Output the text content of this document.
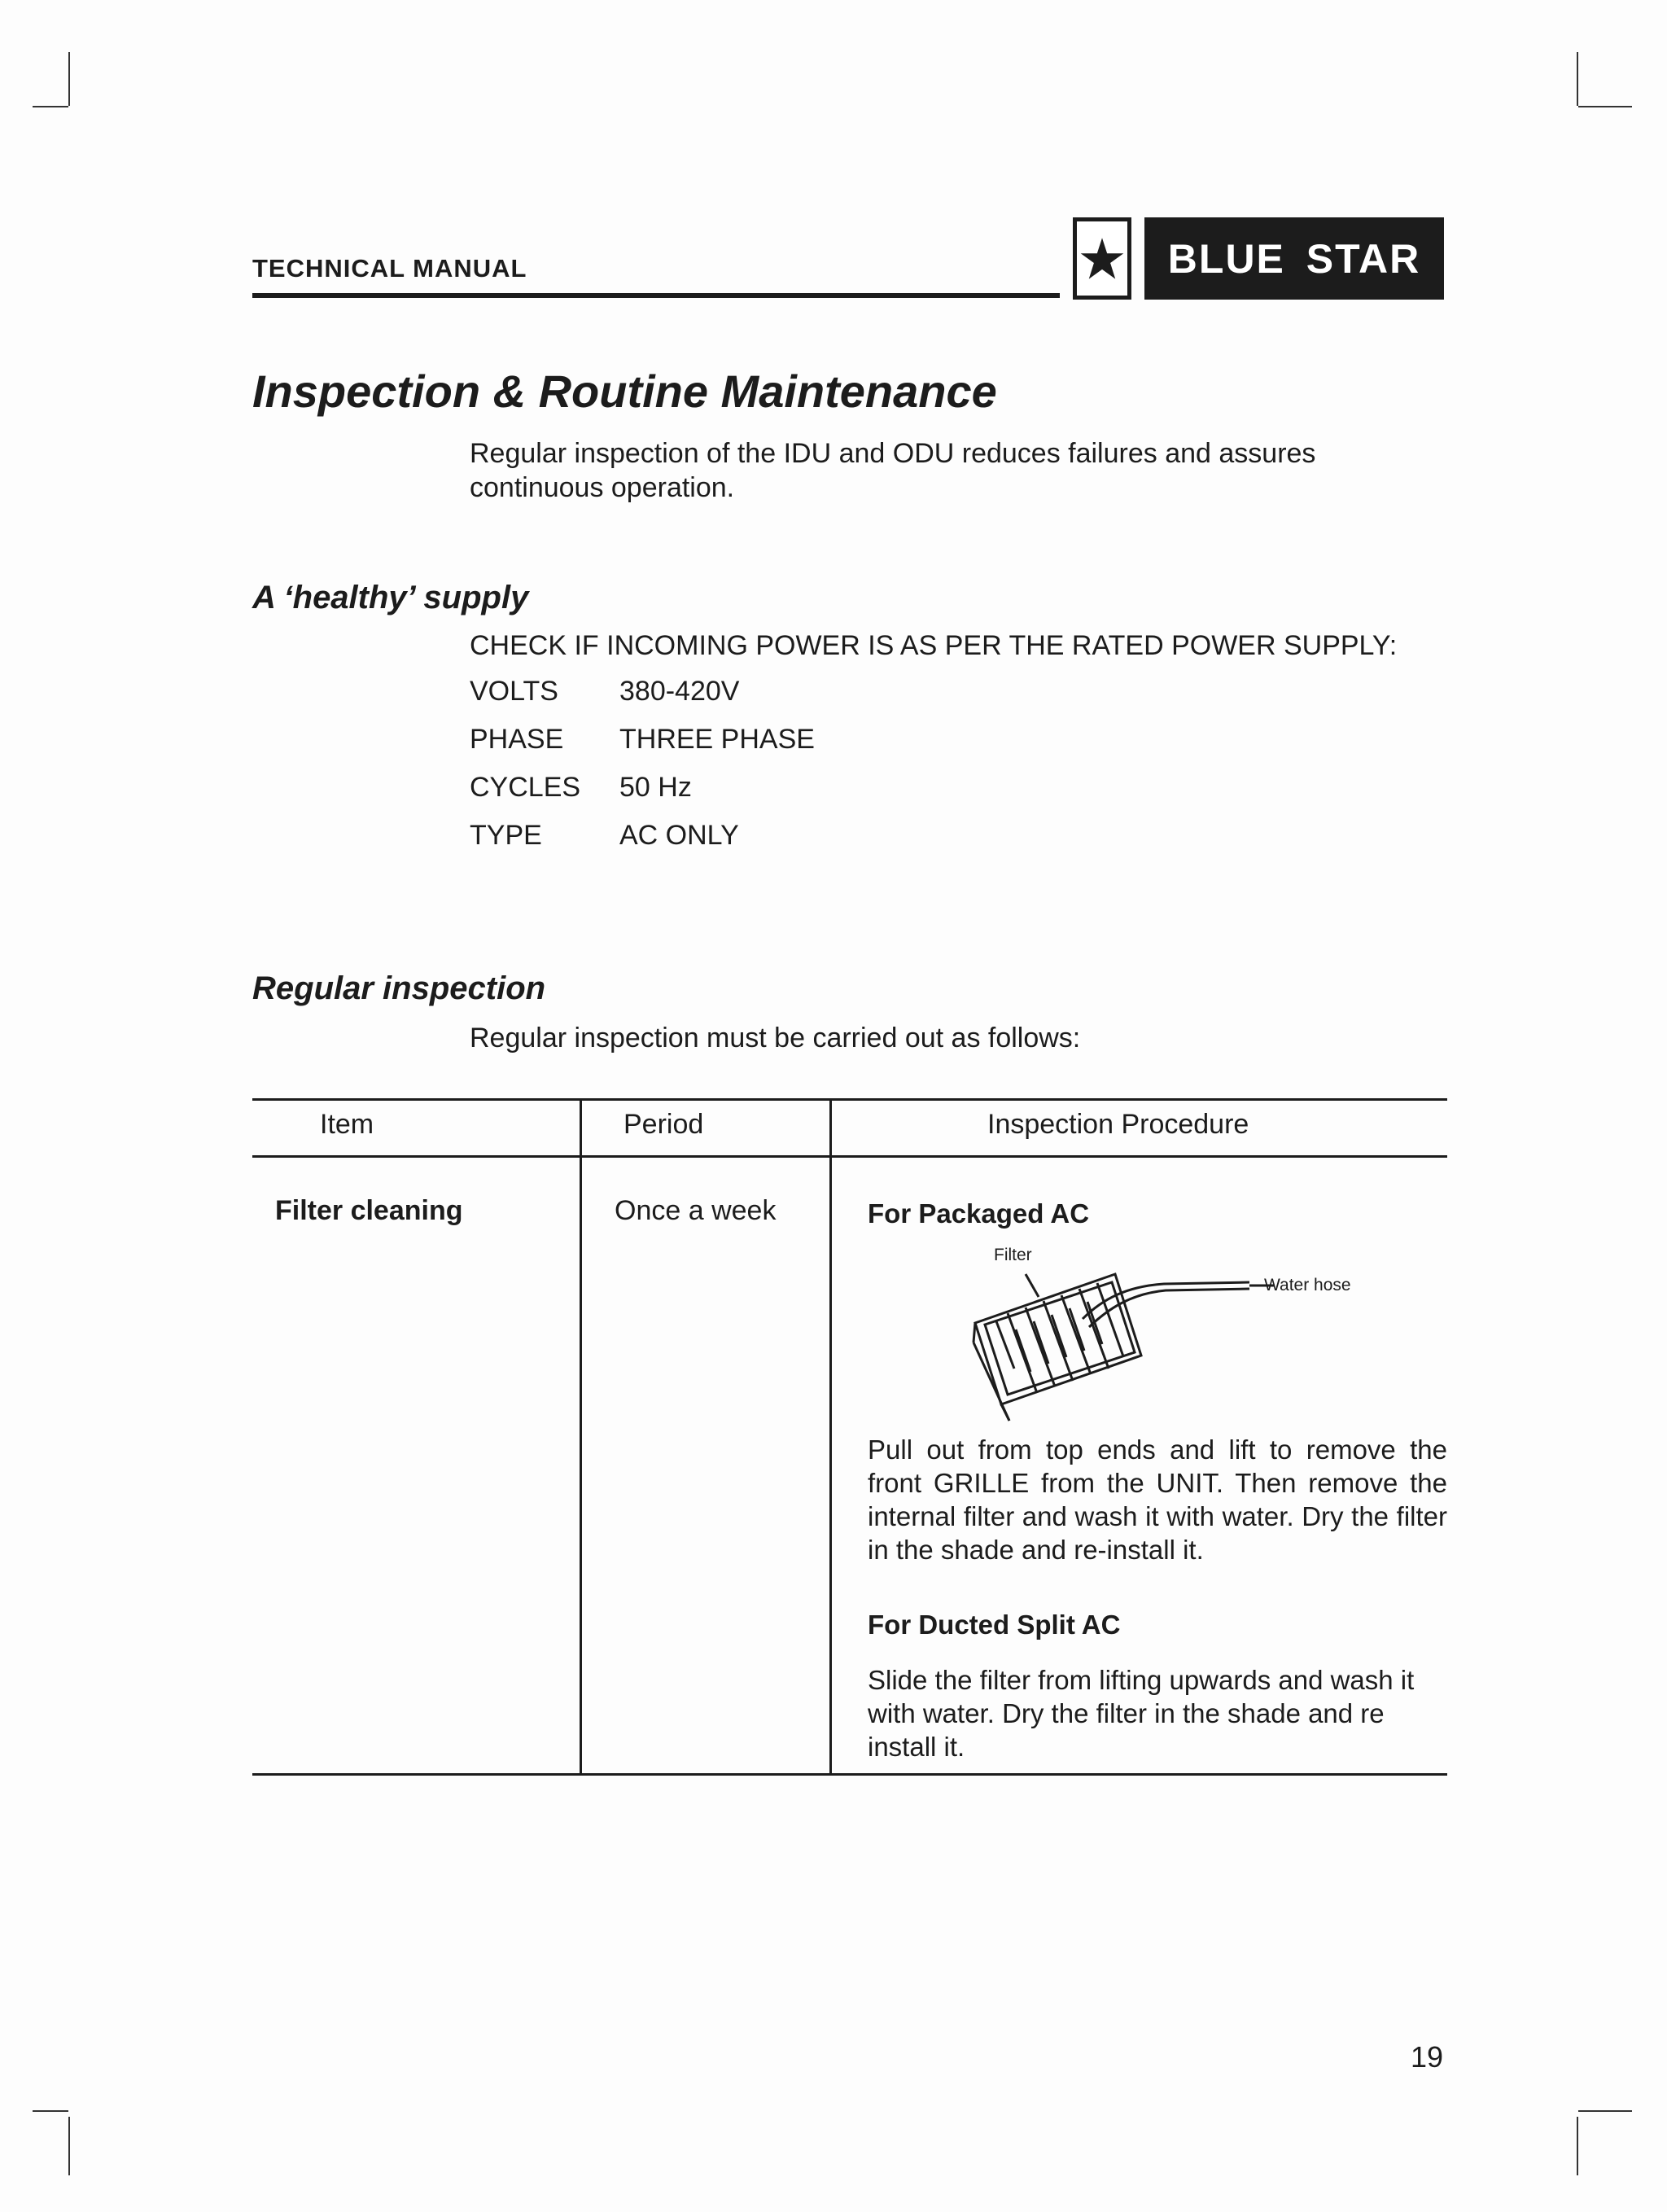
TECHNICAL MANUAL	BLUE STAR
Inspection & Routine Maintenance
Regular inspection of the IDU and ODU reduces failures and assures continuous operation.
A ‘healthy’ supply
CHECK IF INCOMING POWER IS AS PER THE RATED POWER SUPPLY:
VOLTS 380-420V
PHASE THREE PHASE
CYCLES 50 Hz
TYPE	AC ONLY
Regular inspection
Regular inspection must be carried out as follows:
Item	Period	Inspection Procedure
Filter cleaning	Once a week	For Packaged AC
Filter
Water hose
Pull out from top ends and lift to remove the front GRILLE from the UNIT. Then remove the internal filter and wash it with water. Dry the filter in the shade and re-install it.
For Ducted Split AC
Slide the filter from lifting upwards and wash it with water. Dry the filter in the shade and re install it.
19
